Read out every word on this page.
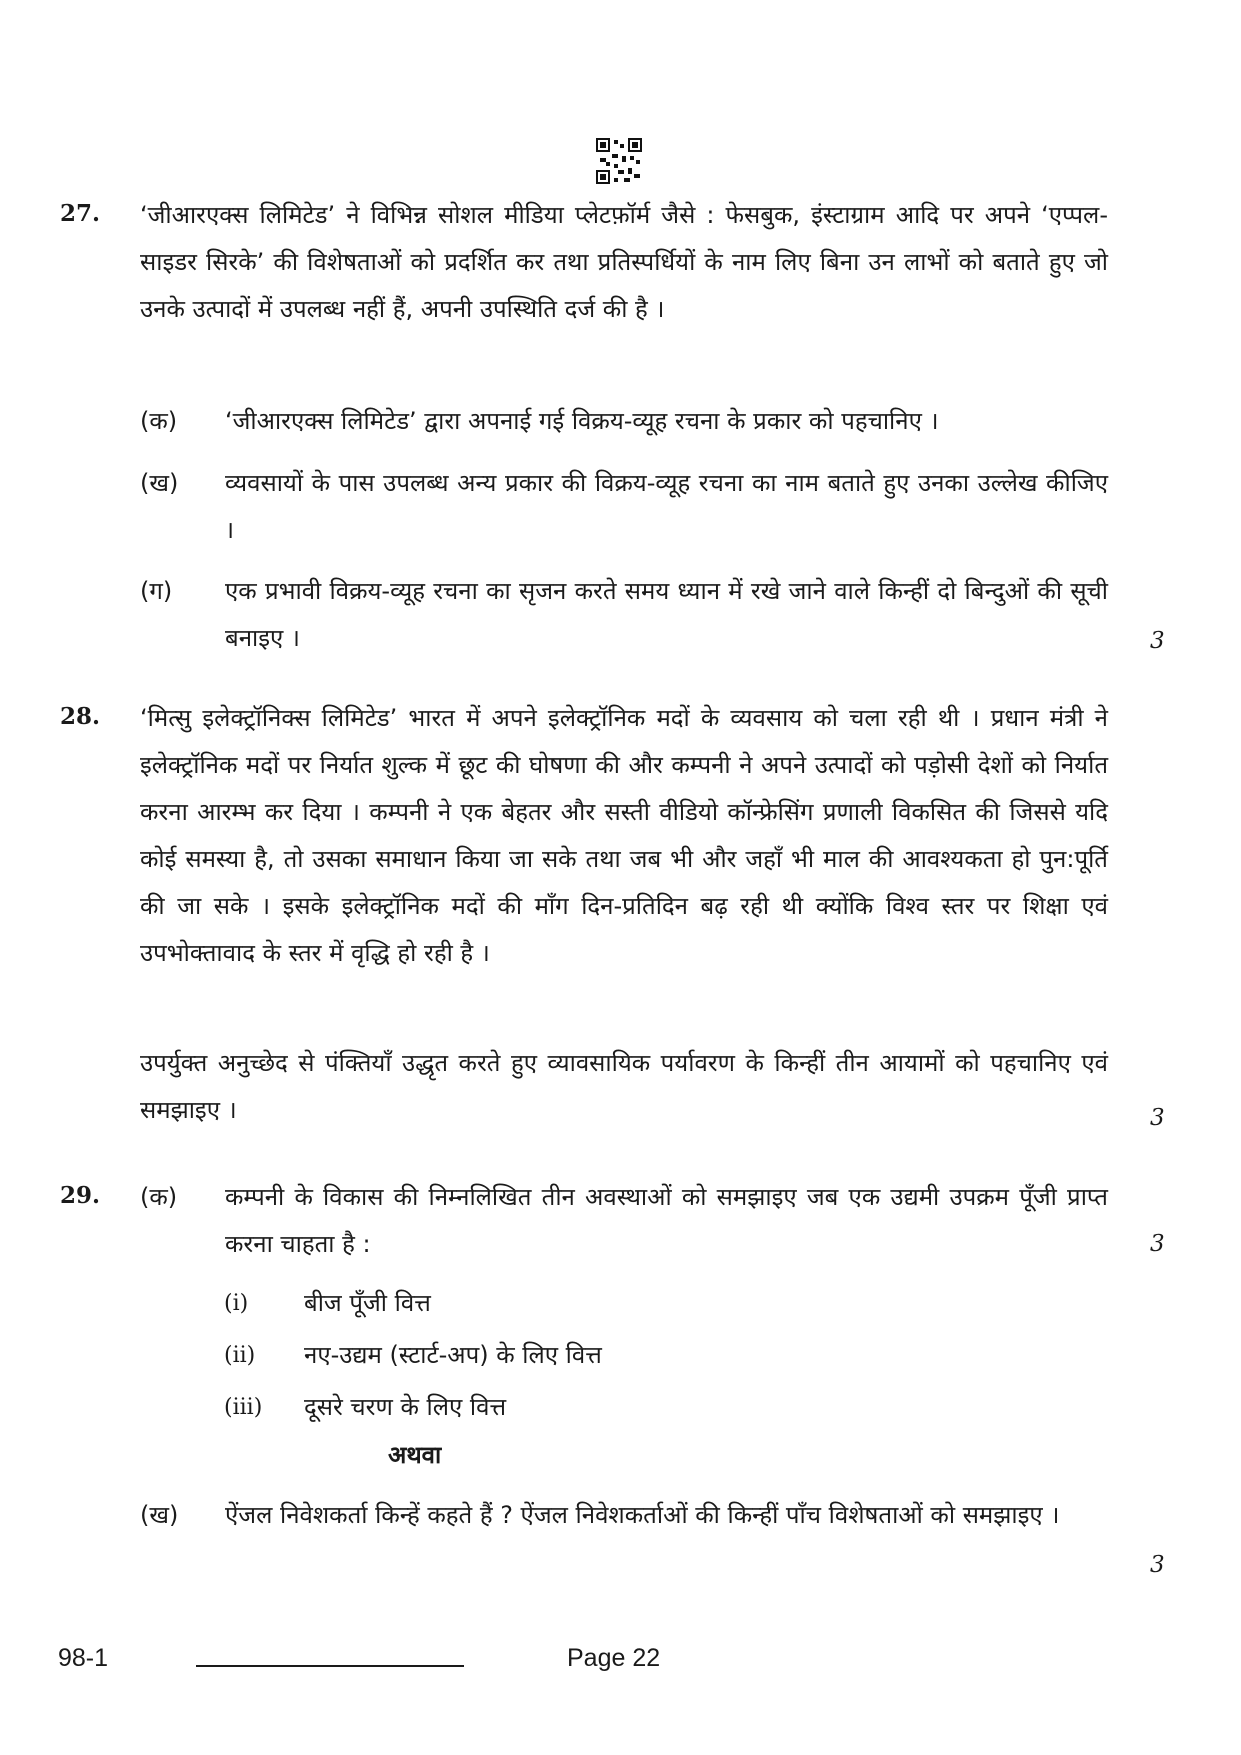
27. ‘जीआरएक्स लिमिटेड’ ने विभिन्न सोशल मीडिया प्लेटफ़ॉर्म जैसे : फेसबुक, इंस्टाग्राम आदि पर अपने ‘एप्पल-साइडर सिरके’ की विशेषताओं को प्रदर्शित कर तथा प्रतिस्पर्धियों के नाम लिए बिना उन लाभों को बताते हुए जो उनके उत्पादों में उपलब्ध नहीं हैं, अपनी उपस्थिति दर्ज की है ।
(क) ‘जीआरएक्स लिमिटेड’ द्वारा अपनाई गई विक्रय-व्यूह रचना के प्रकार को पहचानिए ।
(ख) व्यवसायों के पास उपलब्ध अन्य प्रकार की विक्रय-व्यूह रचना का नाम बताते हुए उनका उल्लेख कीजिए ।
(ग) एक प्रभावी विक्रय-व्यूह रचना का सृजन करते समय ध्यान में रखे जाने वाले किन्हीं दो बिन्दुओं की सूची बनाइए ।	3
28. ‘मित्सु इलेक्ट्रॉनिक्स लिमिटेड’ भारत में अपने इलेक्ट्रॉनिक मदों के व्यवसाय को चला रही थी । प्रधान मंत्री ने इलेक्ट्रॉनिक मदों पर निर्यात शुल्क में छूट की घोषणा की और कम्पनी ने अपने उत्पादों को पड़ोसी देशों को निर्यात करना आरम्भ कर दिया । कम्पनी ने एक बेहतर और सस्ती वीडियो कॉन्फ्रेसिंग प्रणाली विकसित की जिससे यदि कोई समस्या है, तो उसका समाधान किया जा सके तथा जब भी और जहाँ भी माल की आवश्यकता हो पुन:पूर्ति की जा सके । इसके इलेक्ट्रॉनिक मदों की माँग दिन-प्रतिदिन बढ़ रही थी क्योंकि विश्व स्तर पर शिक्षा एवं उपभोक्तावाद के स्तर में वृद्धि हो रही है ।
उपर्युक्त अनुच्छेद से पंक्तियाँ उद्धृत करते हुए व्यावसायिक पर्यावरण के किन्हीं तीन आयामों को पहचानिए एवं समझाइए ।	3
29. (क) कम्पनी के विकास की निम्नलिखित तीन अवस्थाओं को समझाइए जब एक उद्यमी उपक्रम पूँजी प्राप्त करना चाहता है :	3
(i) बीज पूँजी वित्त
(ii) नए-उद्यम (स्टार्ट-अप) के लिए वित्त
(iii) दूसरे चरण के लिए वित्त
अथवा
(ख) ऐंजल निवेशकर्ता किन्हें कहते हैं ? ऐंजल निवेशकर्ताओं की किन्हीं पाँच विशेषताओं को समझाइए ।
3
98-1	Page 22
